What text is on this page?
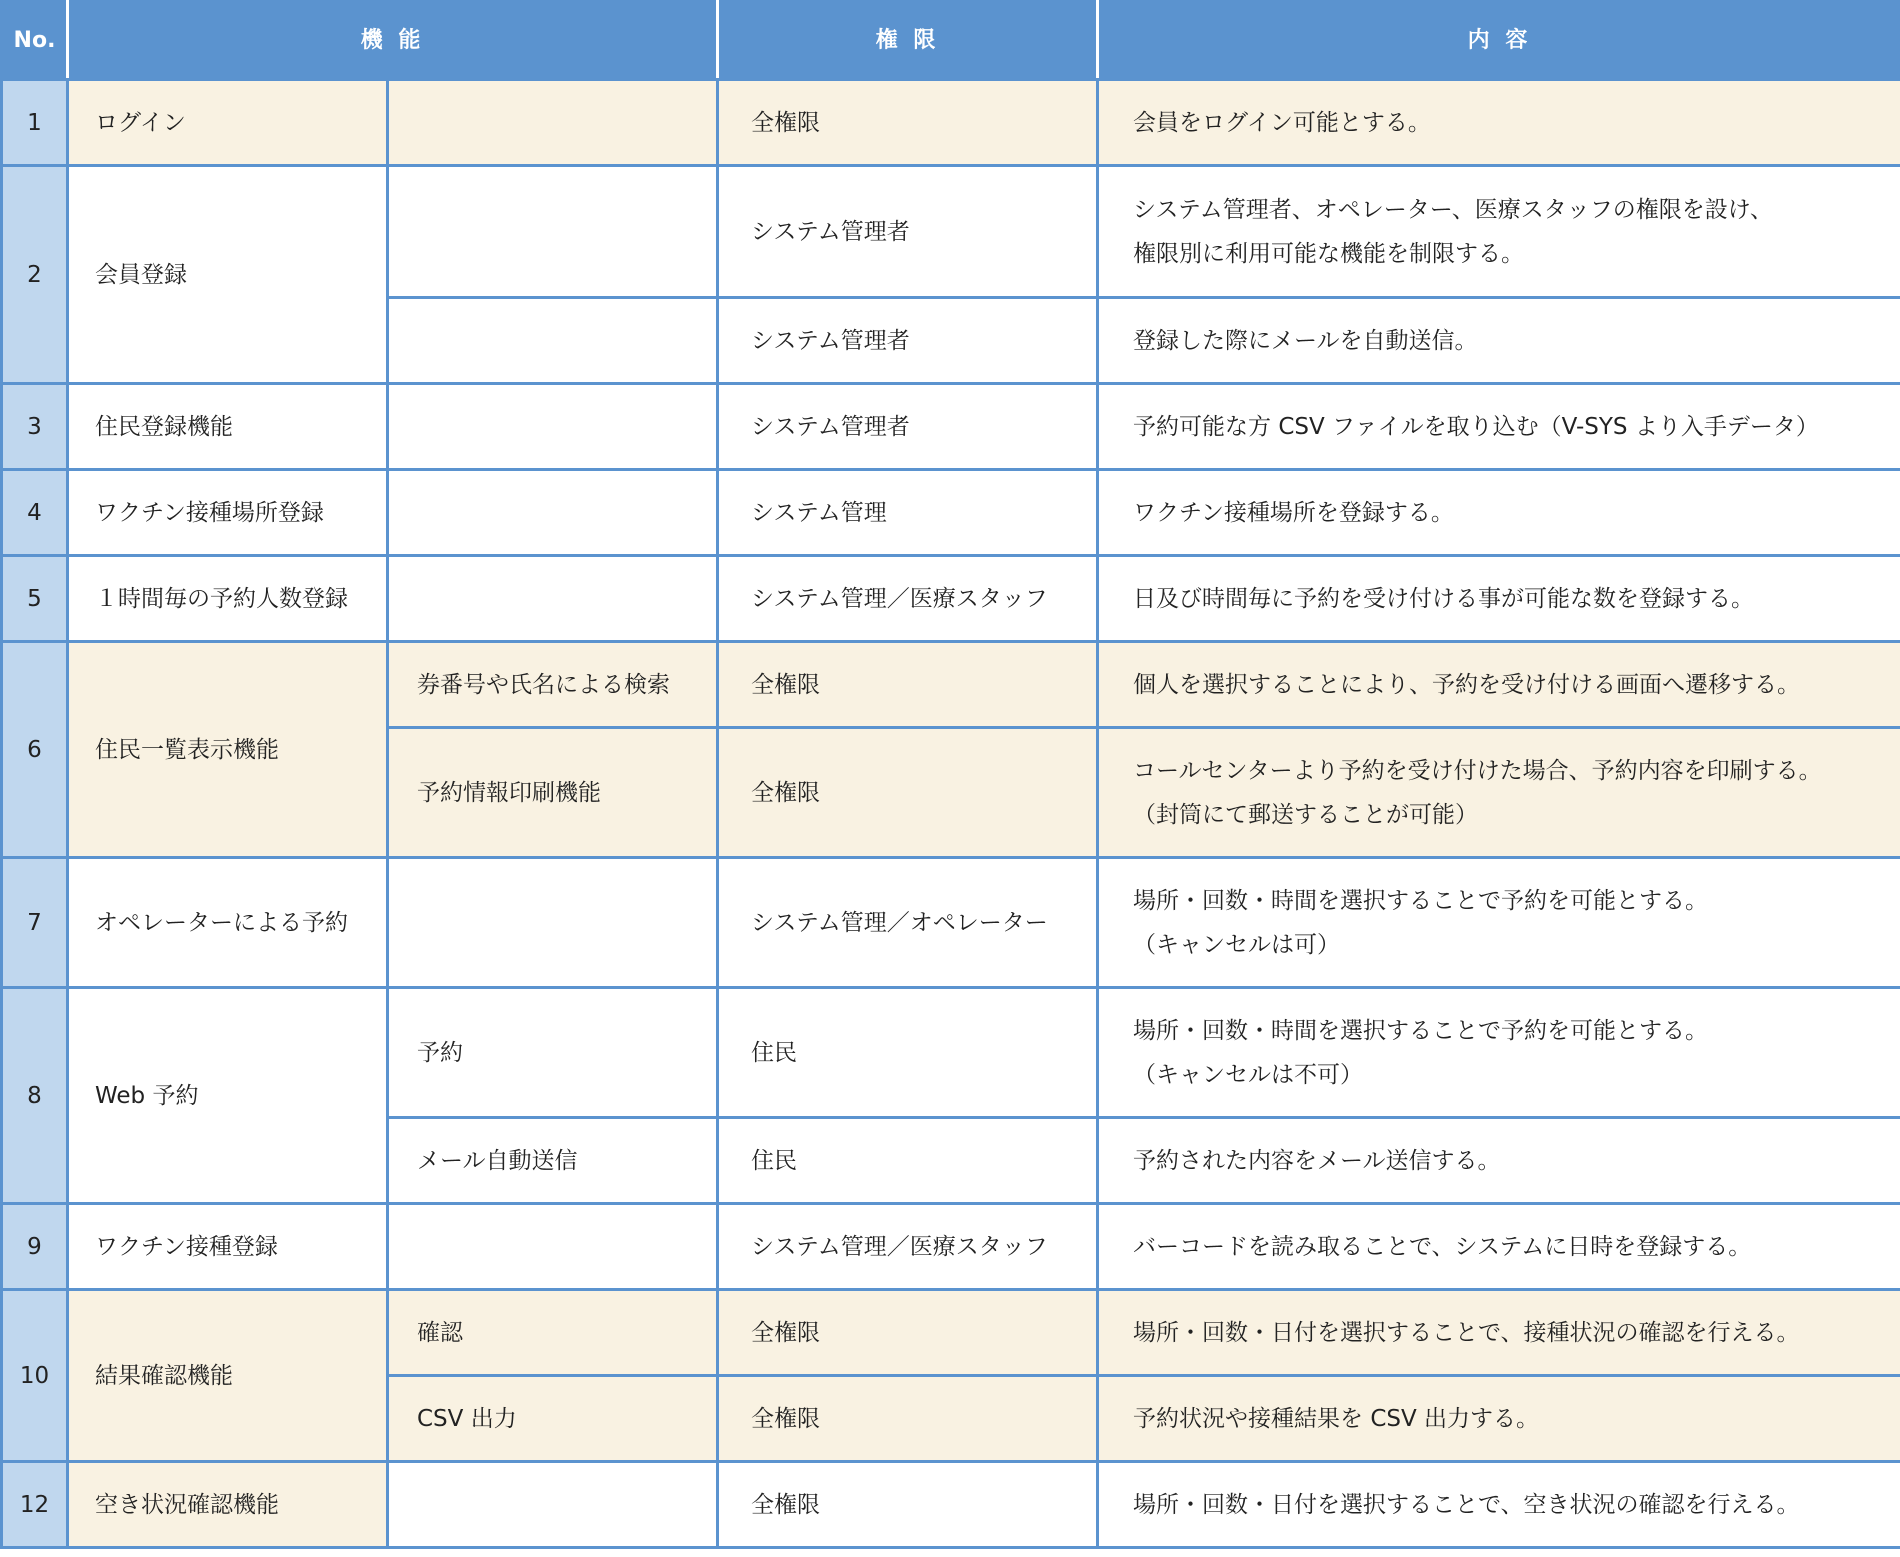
No.	機 能		権 限	内 容
1	ログイン		全権限	会員をログイン可能とする。
2	会員登録		システム管理者	システム管理者、オペレーター、医療スタッフの権限を設け、
権限別に利用可能な機能を制限する。

			システム管理者	登録した際にメールを自動送信。
3	住民登録機能		システム管理者	予約可能な方 CSV ファイルを取り込む（V-SYS より入手データ）
4	ワクチン接種場所登録		システム管理	ワクチン接種場所を登録する。
5	１時間毎の予約人数登録		システム管理／医療スタッフ	日及び時間毎に予約を受け付ける事が可能な数を登録する。
6	住民一覧表示機能	券番号や氏名による検索	全権限	個人を選択することにより、予約を受け付ける画面へ遷移する。
		予約情報印刷機能	全権限	コールセンターより予約を受け付けた場合、予約内容を印刷する。
（封筒にて郵送することが可能）

7	オペレーターによる予約		システム管理／オペレーター	場所・回数・時間を選択することで予約を可能とする。
（キャンセルは可）

8	Web 予約	予約	住民	場所・回数・時間を選択することで予約を可能とする。
（キャンセルは不可）

		メール自動送信	住民	予約された内容をメール送信する。
9	ワクチン接種登録		システム管理／医療スタッフ	バーコードを読み取ることで、システムに日時を登録する。
10	結果確認機能	確認	全権限	場所・回数・日付を選択することで、接種状況の確認を行える。
		CSV 出力	全権限	予約状況や接種結果を CSV 出力する。
12	空き状況確認機能		全権限	場所・回数・日付を選択することで、空き状況の確認を行える。
